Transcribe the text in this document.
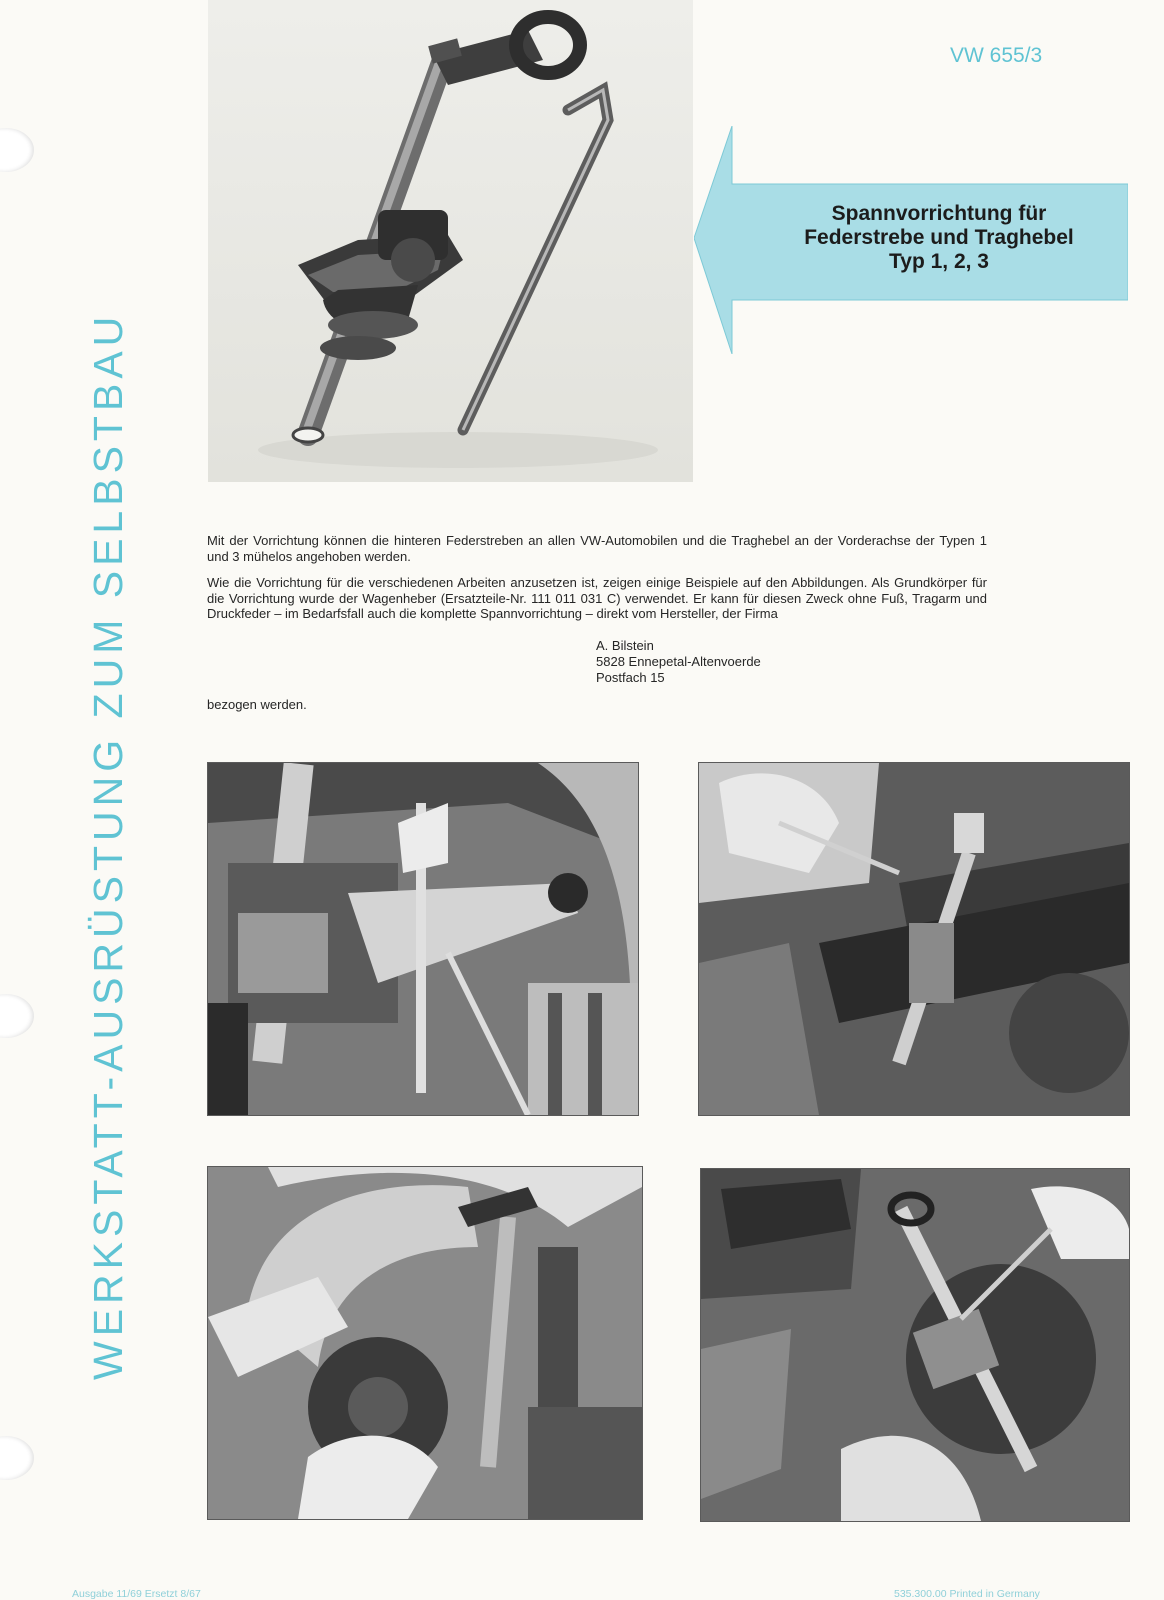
WERKSTATT-AUSRÜSTUNG ZUM SELBSTBAU
VW 655/3
Spannvorrichtung für
Federstrebe und Traghebel
Typ 1, 2, 3

Mit der Vorrichtung können die hinteren Federstreben an allen VW-Automobilen und die Traghebel an der Vorderachse der Typen 1 und 3 mühelos angehoben werden.

Wie die Vorrichtung für die verschiedenen Arbeiten anzusetzen ist, zeigen einige Beispiele auf den Abbildungen. Als Grundkörper für die Vorrichtung wurde der Wagenheber (Ersatzteile-Nr. 111 011 031 C) verwendet. Er kann für diesen Zweck ohne Fuß, Tragarm und Druckfeder – im Bedarfsfall auch die komplette Spannvorrichtung – direkt vom Hersteller, der Firma

A. Bilstein
5828 Ennepetal-Altenvoerde
Postfach 15
bezogen werden.
Ausgabe 11/69 Ersetzt 8/67	535.300.00 Printed in Germany
